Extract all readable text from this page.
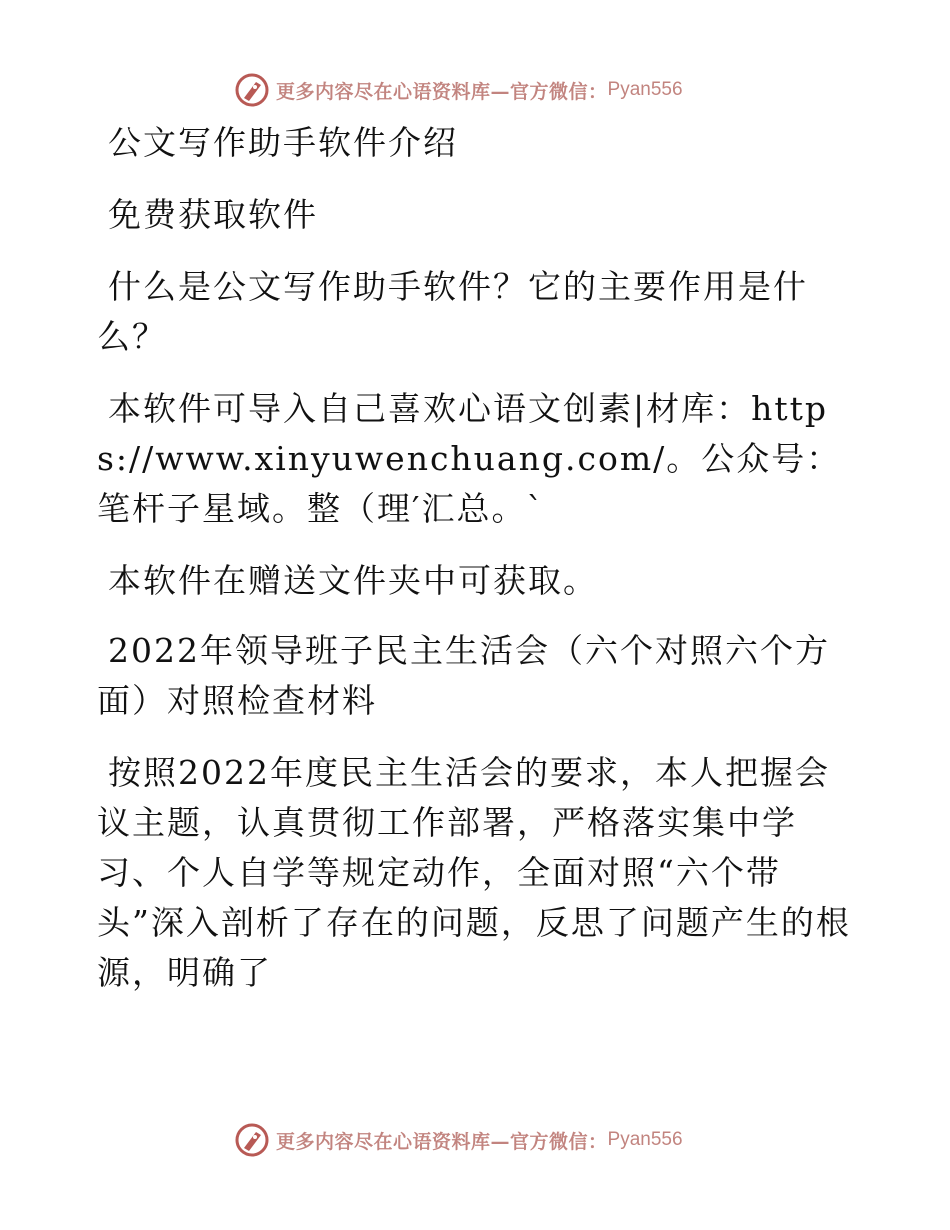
更多内容尽在心语资料库—官方微信： Pyan556

公文写作助手软件介绍

免费获取软件

什么是公文写作助手软件？它的主要作用是什么？

本软件可导入自己喜欢心语文创素|材库：https://www.xinyuwenchuang.com/。公众号：笔杆子星域。整（理′汇总。`

本软件在赠送文件夹中可获取。

2022年领导班子民主生活会（六个对照六个方面）对照检查材料

按照2022年度民主生活会的要求，本人把握会议主题，认真贯彻工作部署，严格落实集中学习、个人自学等规定动作，全面对照“六个带头”深入剖析了存在的问题，反思了问题产生的根源，明确了

更多内容尽在心语资料库—官方微信： Pyan556
